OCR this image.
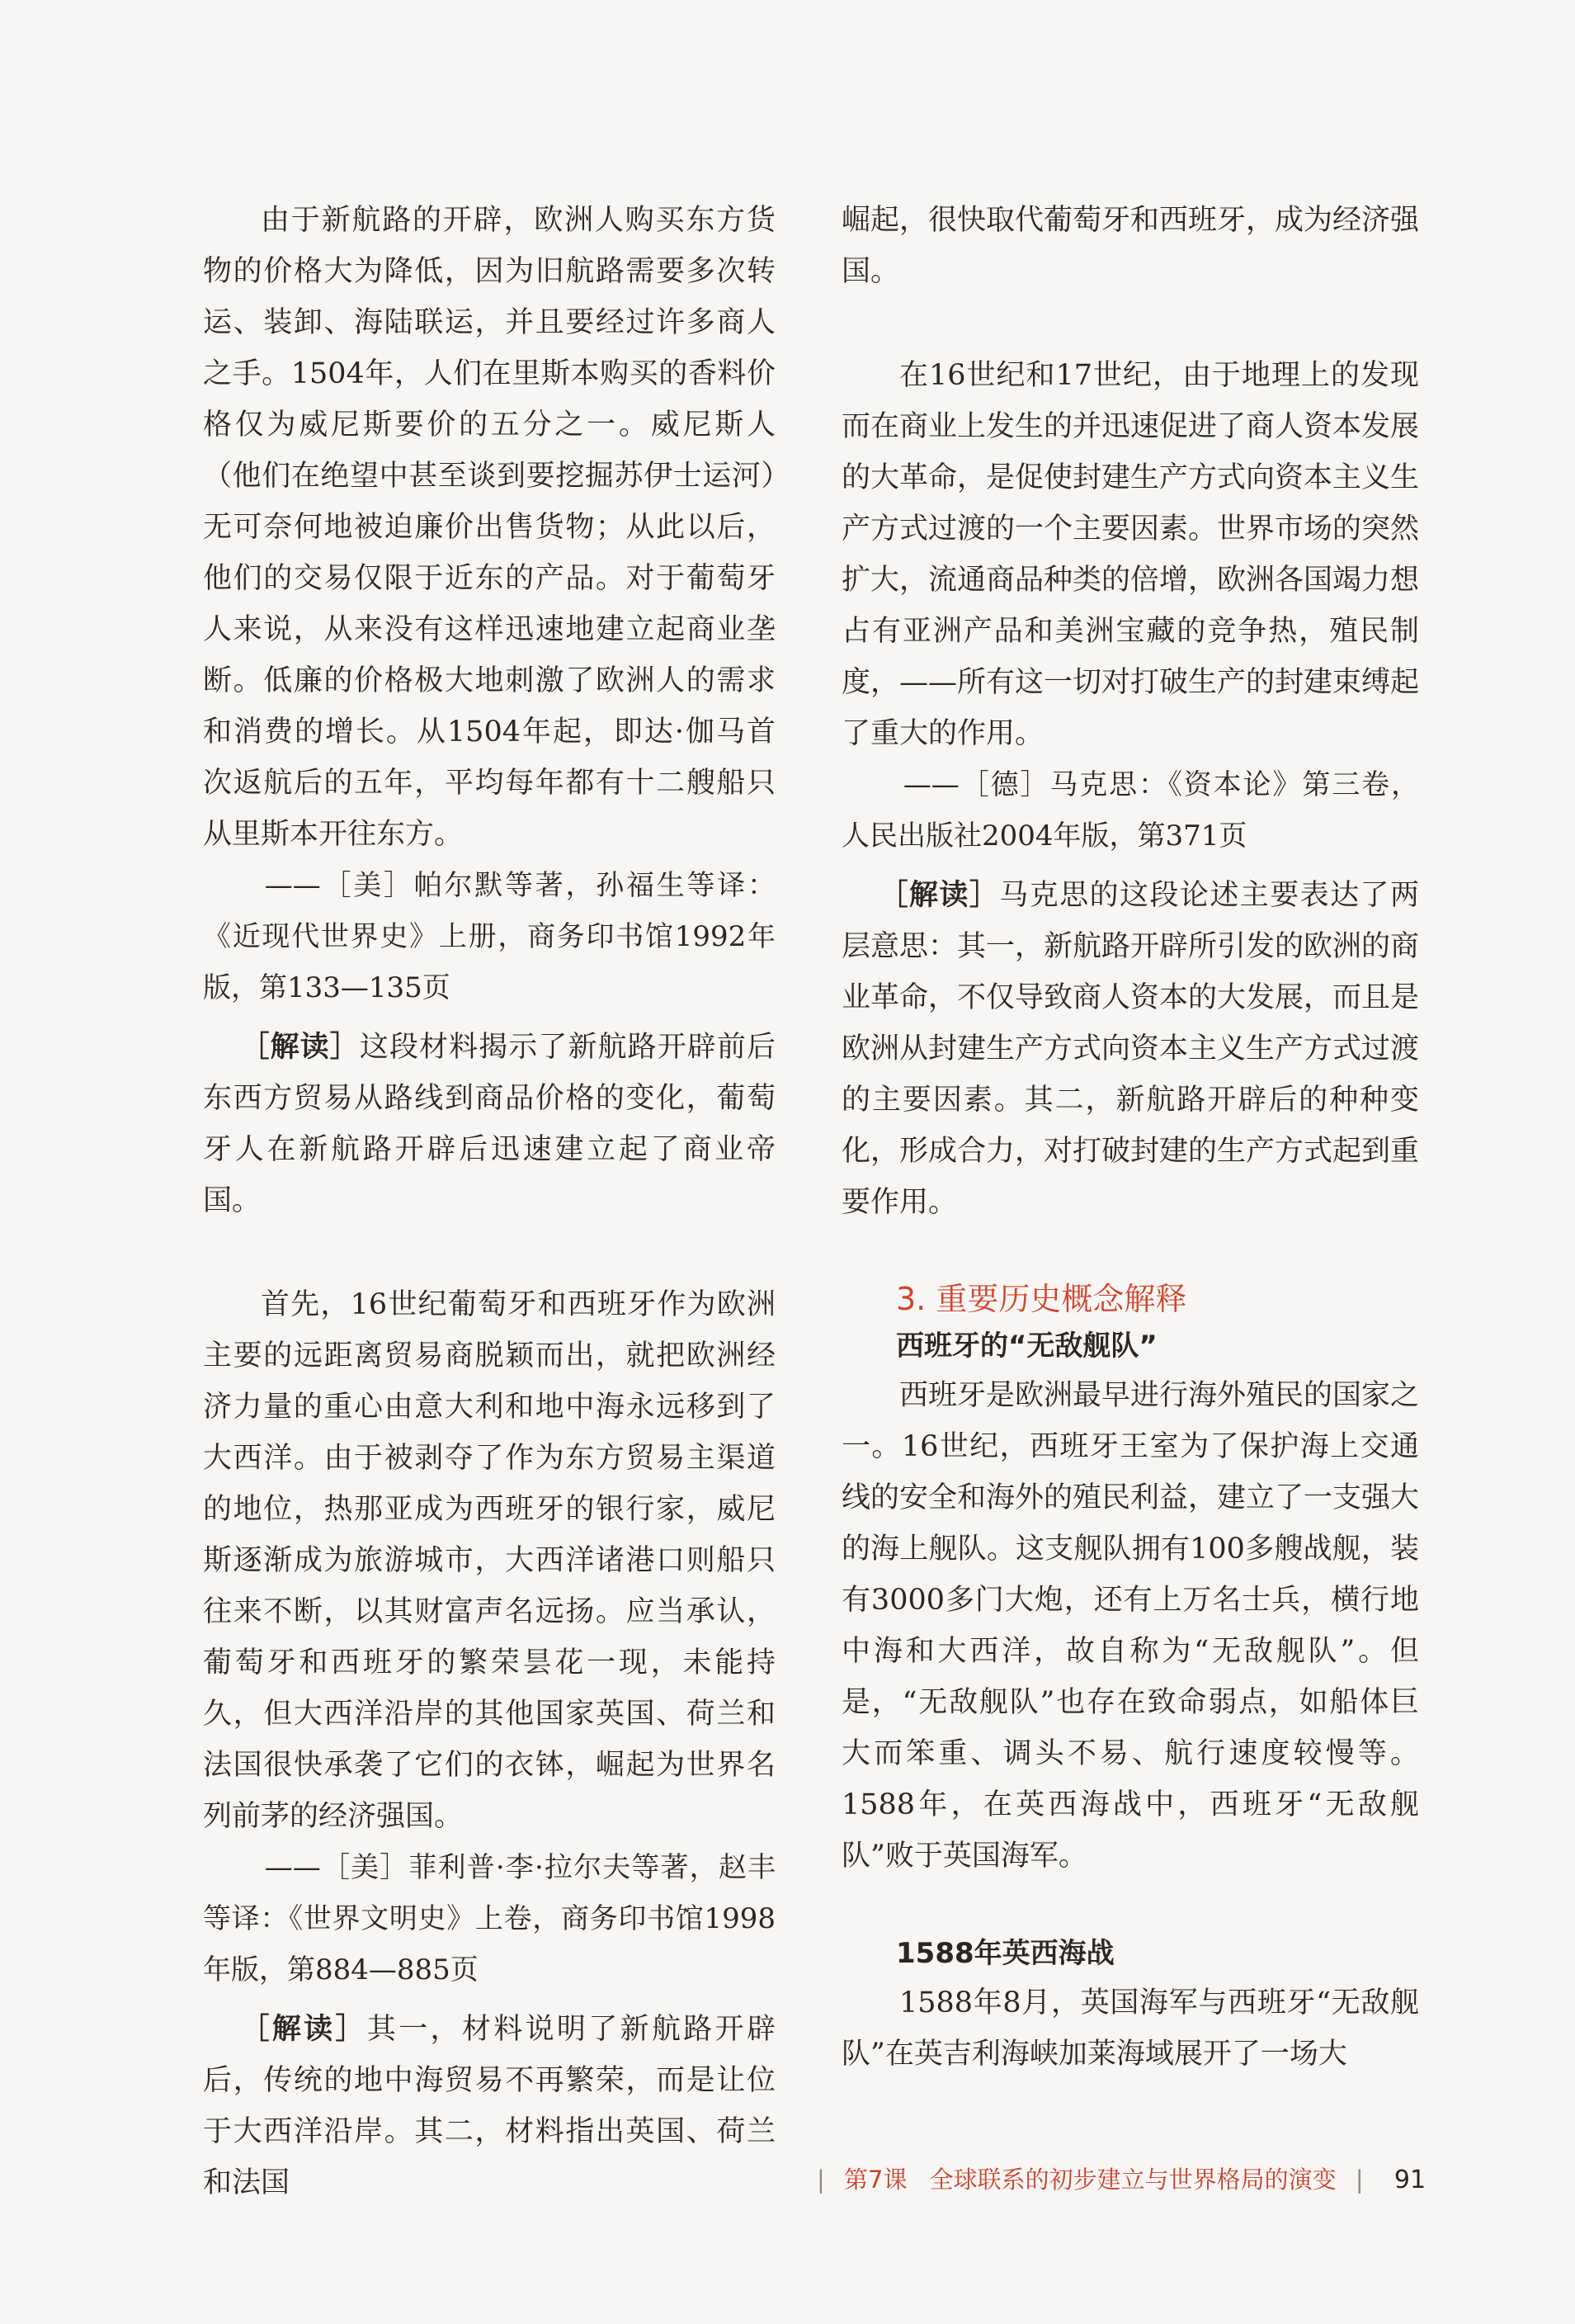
由于新航路的开辟，欧洲人购买东方货物的价格大为降低，因为旧航路需要多次转运、装卸、海陆联运，并且要经过许多商人之手。1504年，人们在里斯本购买的香料价格仅为威尼斯要价的五分之一。威尼斯人（他们在绝望中甚至谈到要挖掘苏伊士运河）无可奈何地被迫廉价出售货物；从此以后，他们的交易仅限于近东的产品。对于葡萄牙人来说，从来没有这样迅速地建立起商业垄断。低廉的价格极大地刺激了欧洲人的需求和消费的增长。从1504年起，即达·伽马首次返航后的五年，平均每年都有十二艘船只从里斯本开往东方。

——［美］帕尔默等著，孙福生等译：《近现代世界史》上册，商务印书馆1992年版，第133—135页

［解读］这段材料揭示了新航路开辟前后东西方贸易从路线到商品价格的变化，葡萄牙人在新航路开辟后迅速建立起了商业帝国。

首先，16世纪葡萄牙和西班牙作为欧洲主要的远距离贸易商脱颖而出，就把欧洲经济力量的重心由意大利和地中海永远移到了大西洋。由于被剥夺了作为东方贸易主渠道的地位，热那亚成为西班牙的银行家，威尼斯逐渐成为旅游城市，大西洋诸港口则船只往来不断，以其财富声名远扬。应当承认，葡萄牙和西班牙的繁荣昙花一现，未能持久，但大西洋沿岸的其他国家英国、荷兰和法国很快承袭了它们的衣钵，崛起为世界名列前茅的经济强国。

——［美］菲利普·李·拉尔夫等著，赵丰等译：《世界文明史》上卷，商务印书馆1998年版，第884—885页

［解读］其一，材料说明了新航路开辟后，传统的地中海贸易不再繁荣，而是让位于大西洋沿岸。其二，材料指出英国、荷兰和法国

崛起，很快取代葡萄牙和西班牙，成为经济强国。

在16世纪和17世纪，由于地理上的发现而在商业上发生的并迅速促进了商人资本发展的大革命，是促使封建生产方式向资本主义生产方式过渡的一个主要因素。世界市场的突然扩大，流通商品种类的倍增，欧洲各国竭力想占有亚洲产品和美洲宝藏的竞争热，殖民制度，——所有这一切对打破生产的封建束缚起了重大的作用。

——［德］马克思：《资本论》第三卷，人民出版社2004年版，第371页

［解读］马克思的这段论述主要表达了两层意思：其一，新航路开辟所引发的欧洲的商业革命，不仅导致商人资本的大发展，而且是欧洲从封建生产方式向资本主义生产方式过渡的主要因素。其二，新航路开辟后的种种变化，形成合力，对打破封建的生产方式起到重要作用。

3. 重要历史概念解释

西班牙的“无敌舰队”

西班牙是欧洲最早进行海外殖民的国家之一。16世纪，西班牙王室为了保护海上交通线的安全和海外的殖民利益，建立了一支强大的海上舰队。这支舰队拥有100多艘战舰，装有3000多门大炮，还有上万名士兵，横行地中海和大西洋，故自称为“无敌舰队”。但是，“无敌舰队”也存在致命弱点，如船体巨大而笨重、调头不易、航行速度较慢等。1588年，在英西海战中，西班牙“无敌舰队”败于英国海军。

1588年英西海战

1588年8月，英国海军与西班牙“无敌舰队”在英吉利海峡加莱海域展开了一场大

| 第7课 全球联系的初步建立与世界格局的演变 | 91
